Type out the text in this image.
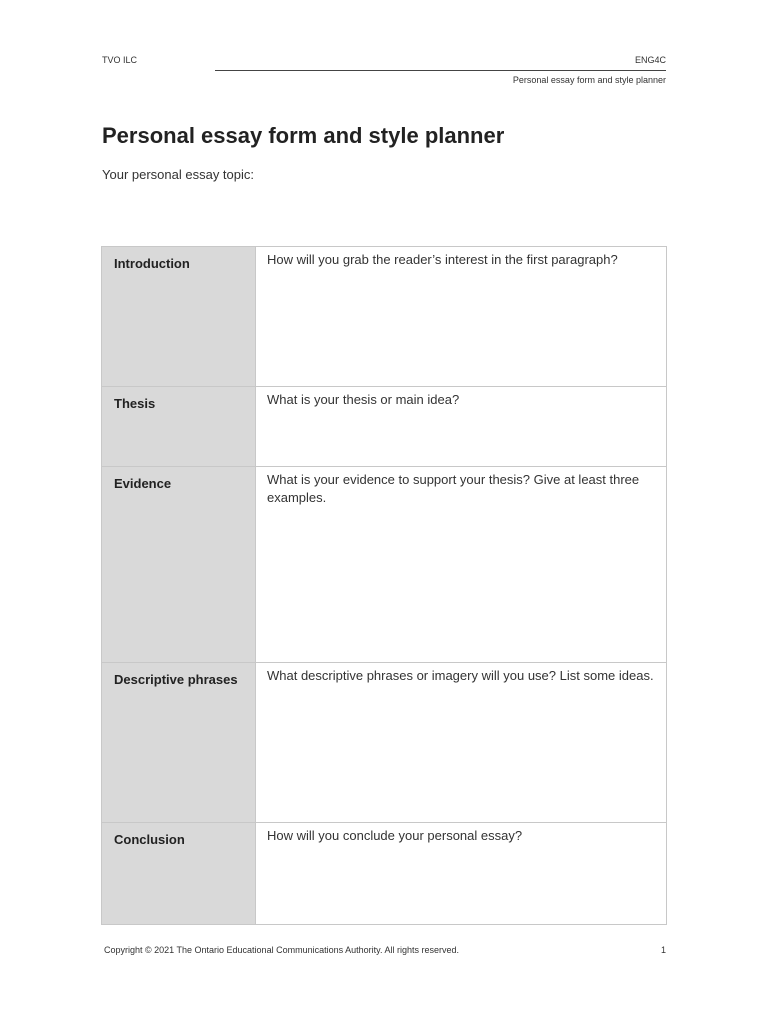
TVO ILC	ENG4C
Personal essay form and style planner
Personal essay form and style planner
Your personal essay topic:
Introduction	How will you grab the reader’s interest in the first paragraph?
Thesis	What is your thesis or main idea?
Evidence	What is your evidence to support your thesis? Give at least three examples.
Descriptive phrases	What descriptive phrases or imagery will you use? List some ideas.
Conclusion	How will you conclude your personal essay?
Copyright © 2021 The Ontario Educational Communications Authority. All rights reserved.	1
